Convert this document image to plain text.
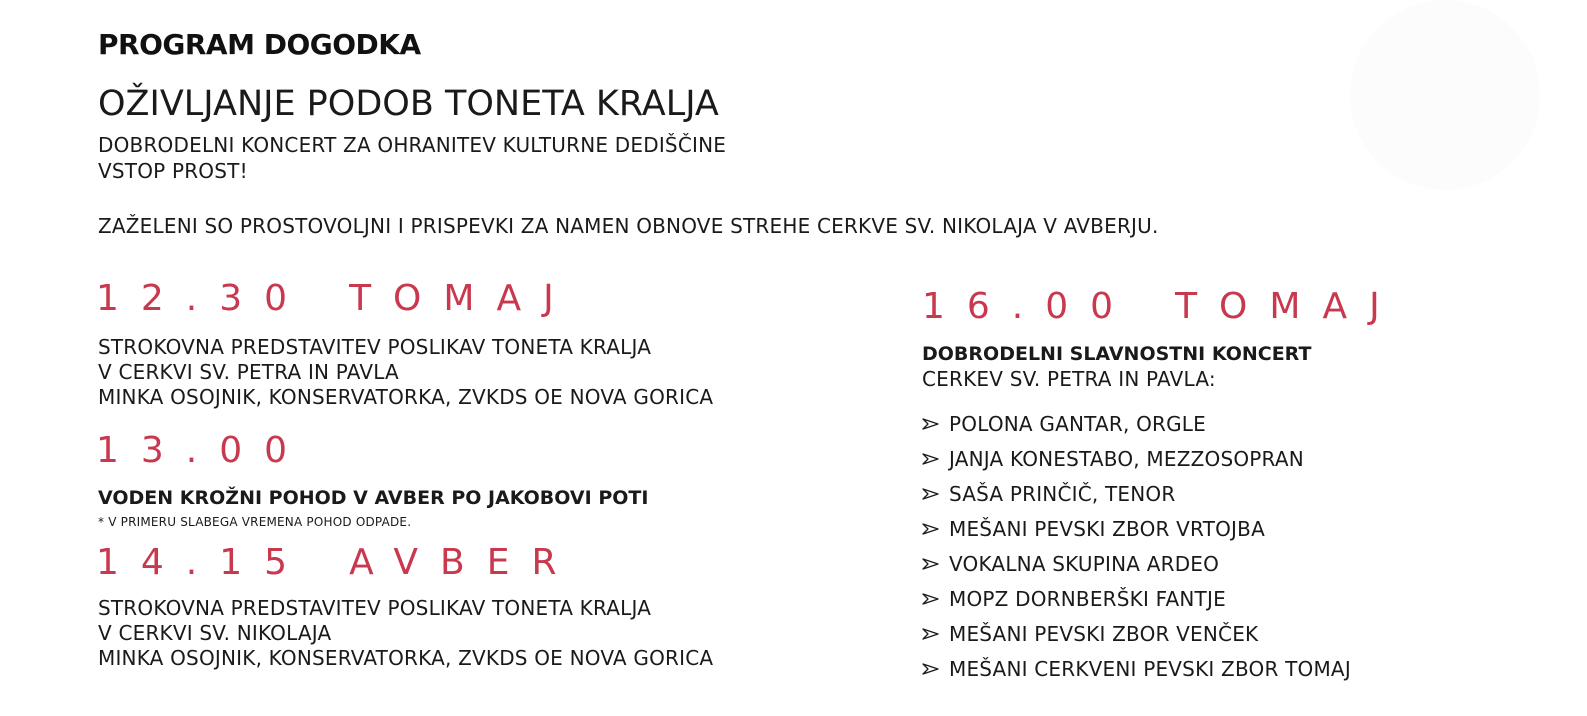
PROGRAM DOGODKA
OŽIVLJANJE PODOB TONETA KRALJA
DOBRODELNI KONCERT ZA OHRANITEV KULTURNE DEDIŠČINE
VSTOP PROST!
ZAŽELENI SO PROSTOVOLJNI I PRISPEVKI ZA NAMEN OBNOVE STREHE CERKVE SV. NIKOLAJA V AVBERJU.
12.30 TOMAJ
STROKOVNA PREDSTAVITEV POSLIKAV TONETA KRALJA
V CERKVI SV. PETRA IN PAVLA
MINKA OSOJNIK, KONSERVATORKA, ZVKDS OE NOVA GORICA
13.00
VODEN KROŽNI POHOD V AVBER PO JAKOBOVI POTI
* V PRIMERU SLABEGA VREMENA POHOD ODPADE.
14.15 AVBER
STROKOVNA PREDSTAVITEV POSLIKAV TONETA KRALJA
V CERKVI SV. NIKOLAJA
MINKA OSOJNIK, KONSERVATORKA, ZVKDS OE NOVA GORICA
16.00 TOMAJ
DOBRODELNI SLAVNOSTNI KONCERT
CERKEV SV. PETRA IN PAVLA:
POLONA GANTAR, ORGLE
JANJA KONESTABO, MEZZOSOPRAN
SAŠA PRINČIČ, TENOR
MEŠANI PEVSKI ZBOR VRTOJBA
VOKALNA SKUPINA ARDEO
MOPZ DORNBERŠKI FANTJE
MEŠANI PEVSKI ZBOR VENČEK
MEŠANI CERKVENI PEVSKI ZBOR TOMAJ
